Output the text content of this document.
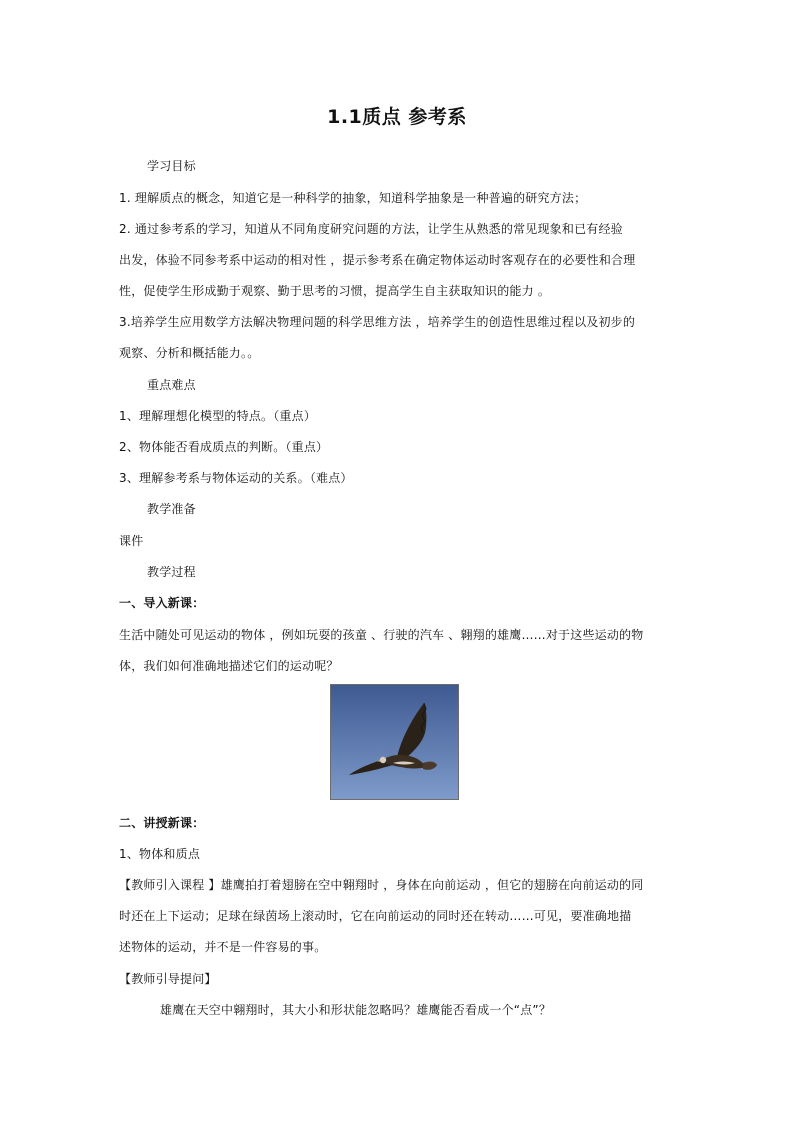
1.1质点 参考系
学习目标
1. 理解质点的概念，知道它是一种科学的抽象，知道科学抽象是一种普遍的研究方法；
2. 通过参考系的学习，知道从不同角度研究问题的方法，让学生从熟悉的常见现象和已有经验
出发，体验不同参考系中运动的相对性 ，提示参考系在确定物体运动时客观存在的必要性和合理
性，促使学生形成勤于观察、勤于思考的习惯，提高学生自主获取知识的能力 。
3.培养学生应用数学方法解决物理问题的科学思维方法 ，培养学生的创造性思维过程以及初步的
观察、分析和概括能力。。
重点难点
1、理解理想化模型的特点。（重点）
2、物体能否看成质点的判断。（重点）
3、理解参考系与物体运动的关系。（难点）
教学准备
课件
教学过程
一、导入新课：
生活中随处可见运动的物体 ，例如玩耍的孩童 、行驶的汽车 、翱翔的雄鹰……对于这些运动的物
体，我们如何准确地描述它们的运动呢？
二、讲授新课：
1、物体和质点
【教师引入课程 】雄鹰拍打着翅膀在空中翱翔时 ，身体在向前运动 ，但它的翅膀在向前运动的同
时还在上下运动；足球在绿茵场上滚动时，它在向前运动的同时还在转动……可见，要准确地描
述物体的运动，并不是一件容易的事。
【教师引导提问】
雄鹰在天空中翱翔时，其大小和形状能忽略吗？雄鹰能否看成一个“点”？
